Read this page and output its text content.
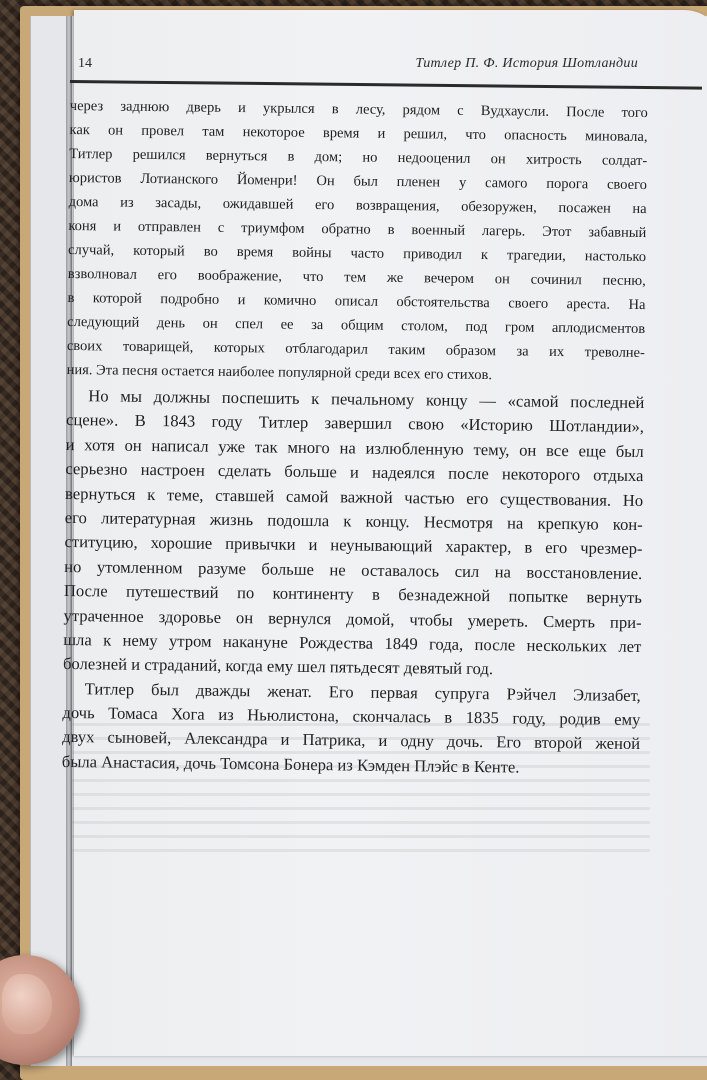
14	Титлер П. Ф. История Шотландии
через заднюю дверь и укрылся в лесу, рядом с Вудхаусли. После того
как он провел там некоторое время и решил, что опасность миновала,
Титлер решился вернуться в дом; но недооценил он хитрость солдат-
юристов Лотианского Йоменри! Он был пленен у самого порога своего
дома из засады, ожидавшей его возвращения, обезоружен, посажен на
коня и отправлен с триумфом обратно в военный лагерь. Этот забавный
случай, который во время войны часто приводил к трагедии, настолько
взволновал его воображение, что тем же вечером он сочинил песню,
в которой подробно и комично описал обстоятельства своего ареста. На
следующий день он спел ее за общим столом, под гром аплодисментов
своих товарищей, которых отблагодарил таким образом за их треволне-
ния. Эта песня остается наиболее популярной среди всех его стихов.
Но мы должны поспешить к печальному концу — «самой последней
сцене». В 1843 году Титлер завершил свою «Историю Шотландии»,
и хотя он написал уже так много на излюбленную тему, он все еще был
серьезно настроен сделать больше и надеялся после некоторого отдыха
вернуться к теме, ставшей самой важной частью его существования. Но
его литературная жизнь подошла к концу. Несмотря на крепкую кон-
ституцию, хорошие привычки и неунывающий характер, в его чрезмер-
но утомленном разуме больше не оставалось сил на восстановление.
После путешествий по континенту в безнадежной попытке вернуть
утраченное здоровье он вернулся домой, чтобы умереть. Смерть при-
шла к нему утром накануне Рождества 1849 года, после нескольких лет
болезней и страданий, когда ему шел пятьдесят девятый год.
Титлер был дважды женат. Его первая супруга Рэйчел Элизабет,
дочь Томаса Хога из Ньюлистона, скончалась в 1835 году, родив ему
двух сыновей, Александра и Патрика, и одну дочь. Его второй женой
была Анастасия, дочь Томсона Бонера из Кэмден Плэйс в Кенте.
